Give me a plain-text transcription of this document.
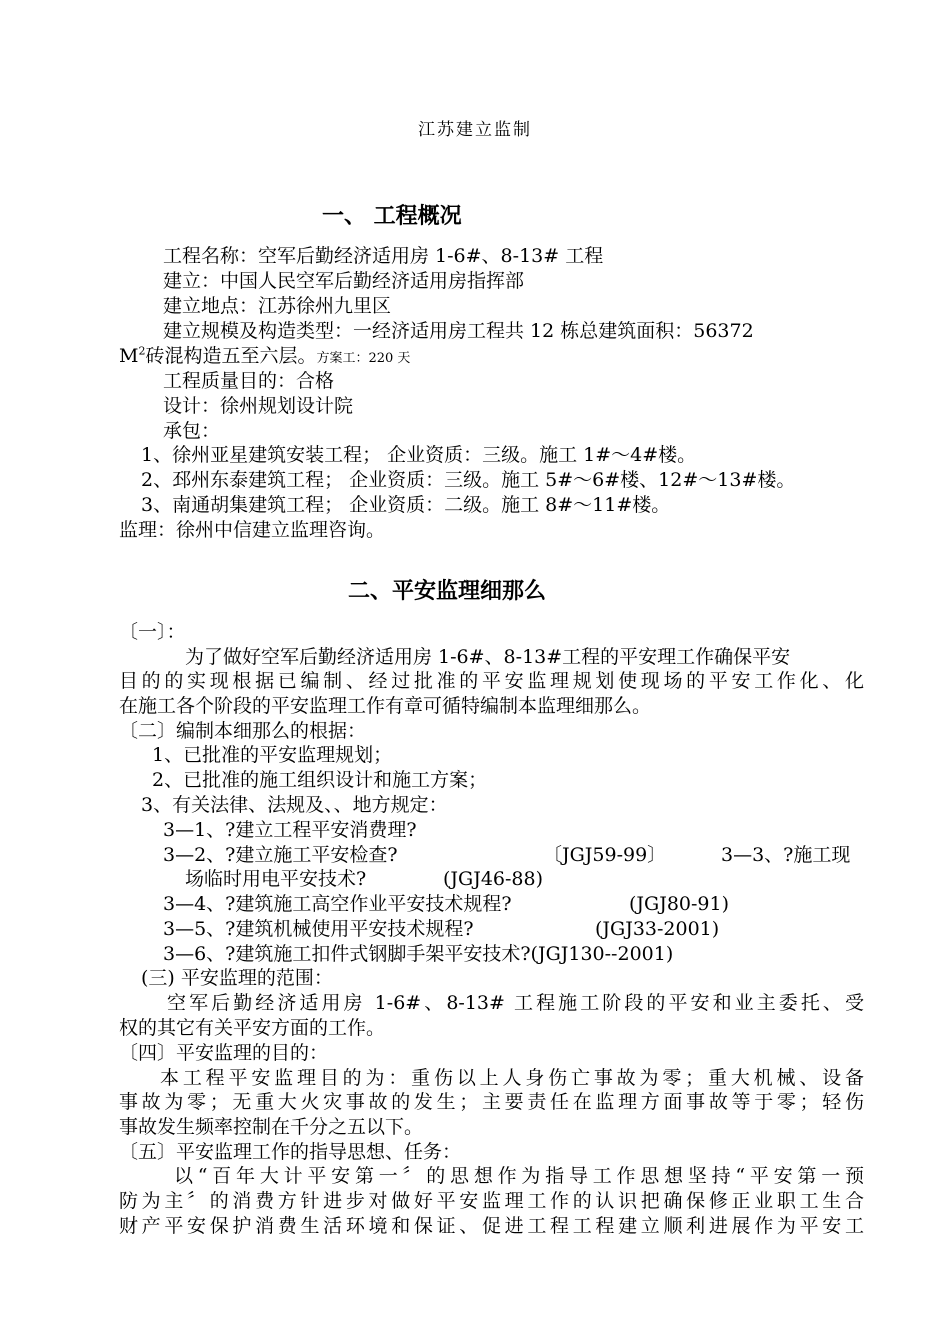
江苏建立监制
一、 工程概况
工程名称：空军后勤经济适用房 1-6#、8-13# 工程
建立：中国人民空军后勤经济适用房指挥部
建立地点：江苏徐州九里区
建立规模及构造类型：一经济适用房工程共 12 栋总建筑面积：56372
$M^2$砖混构造五至六层。方案工：220 天
工程质量目的：合格
设计：徐州规划设计院
承包：
1、徐州亚星建筑安装工程； 企业资质：三级。施工 1#～4#楼。
2、邳州东泰建筑工程； 企业资质：三级。施工 5#～6#楼、12#～13#楼。
3、南通胡集建筑工程； 企业资质：二级。施工 8#～11#楼。
监理：徐州中信建立监理咨询。
二、平安监理细那么
〔一〕：
为了做好空军后勤经济适用房 1-6#、8-13#工程的平安理工作确保平安
目的的实现根据已编制、经过批准的平安监理规划使现场的平安工作化、化
在施工各个阶段的平安监理工作有章可循特编制本监理细那么。
〔二〕编制本细那么的根据：
1、已批准的平安监理规划；
2、已批准的施工组织设计和施工方案；
3、有关法律、法规及、、地方规定：
3—1、?建立工程平安消费理?
3—2、?建立施工平安检查?	〔JGJ59-99〕	3—3、?施工现
场临时用电平安技术?	(JGJ46-88)
3—4、?建筑施工高空作业平安技术规程?	(JGJ80-91)
3—5、?建筑机械使用平安技术规程?	(JGJ33-2001)
3—6、?建筑施工扣件式钢脚手架平安技术?(JGJ130--2001)
(三) 平安监理的范围：
空军后勤经济适用房 1-6#、8-13# 工程施工阶段的平安和业主委托、受
权的其它有关平安方面的工作。
〔四〕平安监理的目的：
本工程平安监理目的为：重伤以上人身伤亡事故为零；重大机械、设备
事故为零；无重大火灾事故的发生；主要责任在监理方面事故等于零；轻伤
事故发生频率控制在千分之五以下。
〔五〕平安监理工作的指导思想、任务：
以“百年大计平安第一〞的思想作为指导工作思想坚持“平安第一预
防为主〞的消费方针进步对做好平安监理工作的认识把确保修正业职工生合
财产平安保护消费生活环境和保证、促进工程工程建立顺利进展作为平安工
